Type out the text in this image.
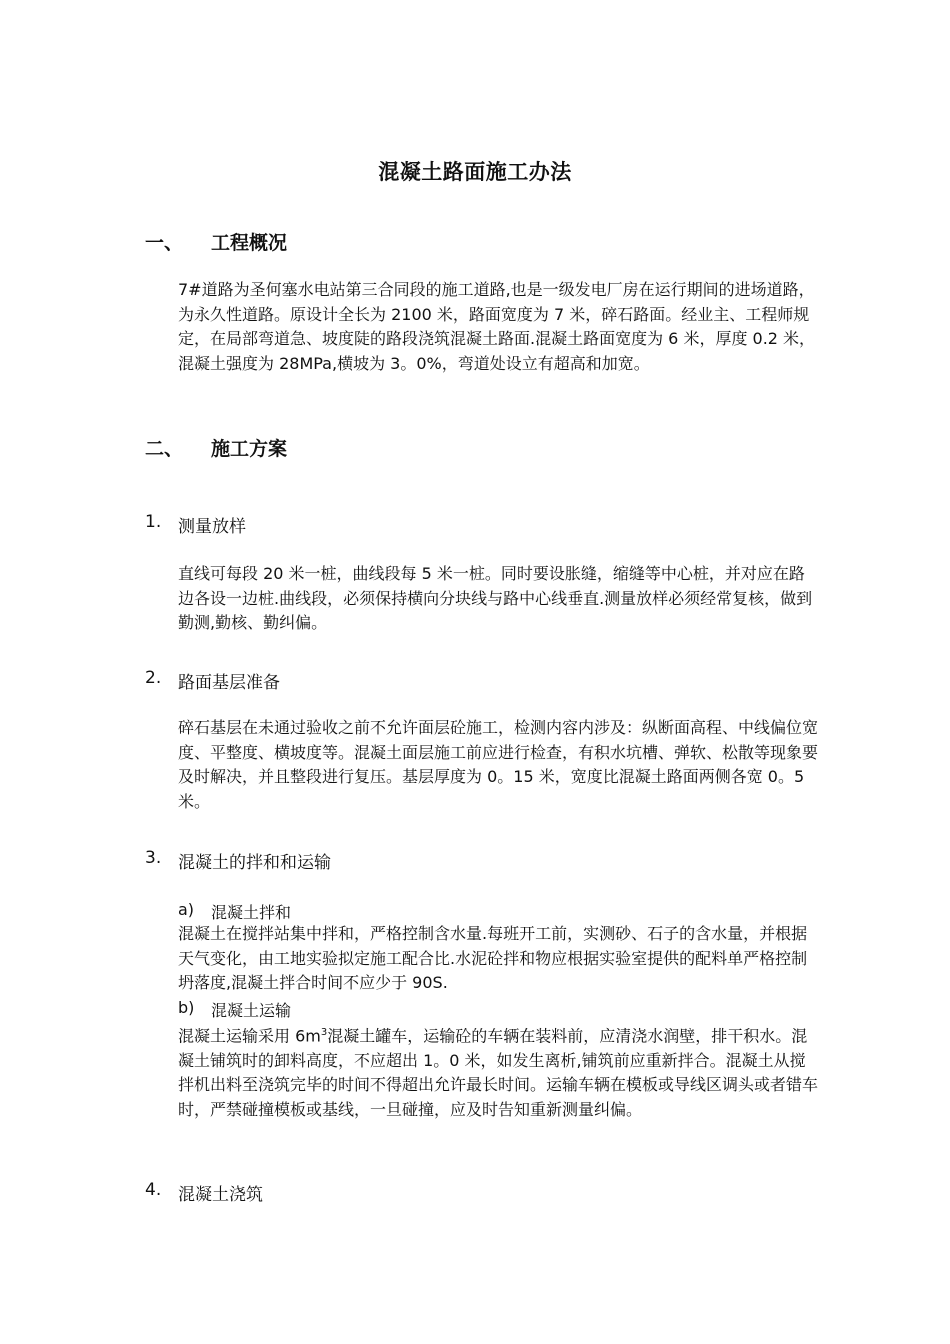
混凝土路面施工办法
一、	工程概况

7#道路为圣何塞水电站第三合同段的施工道路,也是一级发电厂房在运行期间的进场道路，为永久性道路。原设计全长为 2100 米，路面宽度为 7 米，碎石路面。经业主、工程师规定，在局部弯道急、坡度陡的路段浇筑混凝土路面.混凝土路面宽度为 6 米，厚度 0.2 米，混凝土强度为 28MPa,横坡为 3。0%，弯道处设立有超高和加宽。

二、	施工方案
1. 测量放样

直线可每段 20 米一桩，曲线段每 5 米一桩。同时要设胀缝，缩缝等中心桩，并对应在路边各设一边桩.曲线段，必须保持横向分块线与路中心线垂直.测量放样必须经常复核，做到勤测,勤核、勤纠偏。

2. 路面基层准备

碎石基层在未通过验收之前不允许面层砼施工，检测内容内涉及：纵断面高程、中线偏位宽度、平整度、横坡度等。混凝土面层施工前应进行检查，有积水坑槽、弹软、松散等现象要及时解决，并且整段进行复压。基层厚度为 0。15 米，宽度比混凝土路面两侧各宽 0。5 米。

3. 混凝土的拌和和运输
a)	混凝土拌和

混凝土在搅拌站集中拌和，严格控制含水量.每班开工前，实测砂、石子的含水量，并根据天气变化，由工地实验拟定施工配合比.水泥砼拌和物应根据实验室提供的配料单严格控制坍落度,混凝土拌合时间不应少于 90S.

b)	混凝土运输

混凝土运输采用 $6m^3$混凝土罐车，运输砼的车辆在装料前，应清浇水润壁，排干积水。混凝土铺筑时的卸料高度，不应超出 1。0 米，如发生离析,铺筑前应重新拌合。混凝土从搅拌机出料至浇筑完毕的时间不得超出允许最长时间。运输车辆在模板或导线区调头或者错车时，严禁碰撞模板或基线，一旦碰撞，应及时告知重新测量纠偏。

4. 混凝土浇筑
